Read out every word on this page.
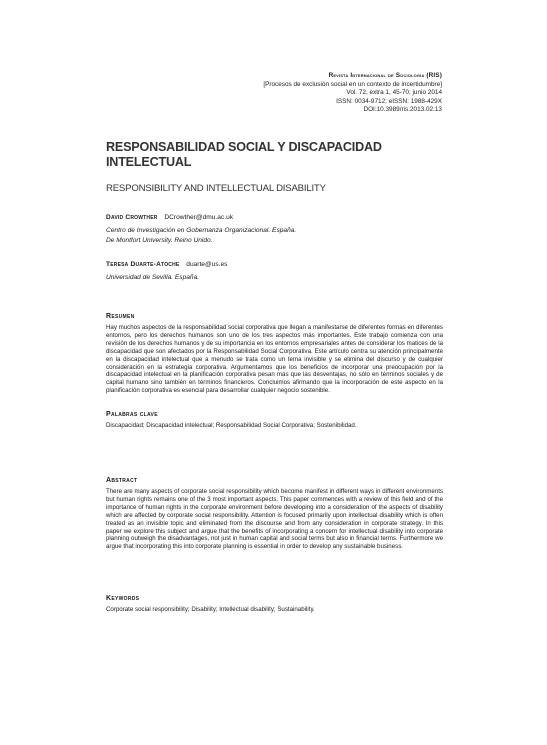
Revista Internacional de Sociología (RIS)
[Procesos de exclusión social en un contexto de incertidumbre]
Vol. 72, extra 1, 45-70, junio 2014
ISSN: 0034-9712; eISSN: 1988-429X
DOI:10.3989/ris.2013.02.13
RESPONSABILIDAD SOCIAL Y DISCAPACIDAD INTELECTUAL
RESPONSIBILITY AND INTELLECTUAL DISABILITY
David Crowther DCrowther@dmu.ac.uk
Centro de Investigación en Gobernanza Organizacional. España.
De Montfort University. Reino Unido.
Teresa Duarte-Atoche duarte@us.es
Universidad de Sevilla. España.
Resumen
Hay muchos aspectos de la responsabilidad social corporativa que llegan a manifestarse de diferentes formas en diferentes entornos, pero los derechos humanos son uno de los tres aspectos más importantes. Este trabajo comienza con una revisión de los derechos humanos y de su importancia en los entornos empresariales antes de considerar los matices de la discapacidad que son afectados por la Responsabilidad Social Corporativa. Este artículo centra su atención principalmente en la discapacidad intelectual que a menudo se trata como un tema invisible y se elimina del discurso y de cualquier consideración en la estrategia corporativa. Argumentamos que los beneficios de incorporar una preocupación por la discapacidad intelectual en la planificación corporativa pesan más que las desventajas, no sólo en términos sociales y de capital humano sino también en términos financieros. Concluimos afirmando que la incorporación de este aspecto en la planificación corporativa es esencial para desarrollar cualquier negocio sostenible.
Palabras clave
Discapacidad; Discapacidad intelectual; Responsabilidad Social Corporativa; Sostenibilidad.
Abstract
There are many aspects of corporate social responsibility which become manifest in different ways in different environments but human rights remains one of the 3 most important aspects. This paper commences with a review of this field and of the importance of human rights in the corporate environment before developing into a consideration of the aspects of disability which are affected by corporate social responsibility. Attention is focused primarily upon intellectual disability which is often treated as an invisible topic and eliminated from the discourse and from any consideration in corporate strategy. In this paper we explore this subject and argue that the benefits of incorporating a concern for intellectual disability into corporate planning outweigh the disadvantages, not just in human capital and social terms but also in financial terms. Furthermore we argue that incorporating this into corporate planning is essential in order to develop any sustainable business.
Keywords
Corporate social responsibility; Disability; Intellectual disability; Sustainability.
